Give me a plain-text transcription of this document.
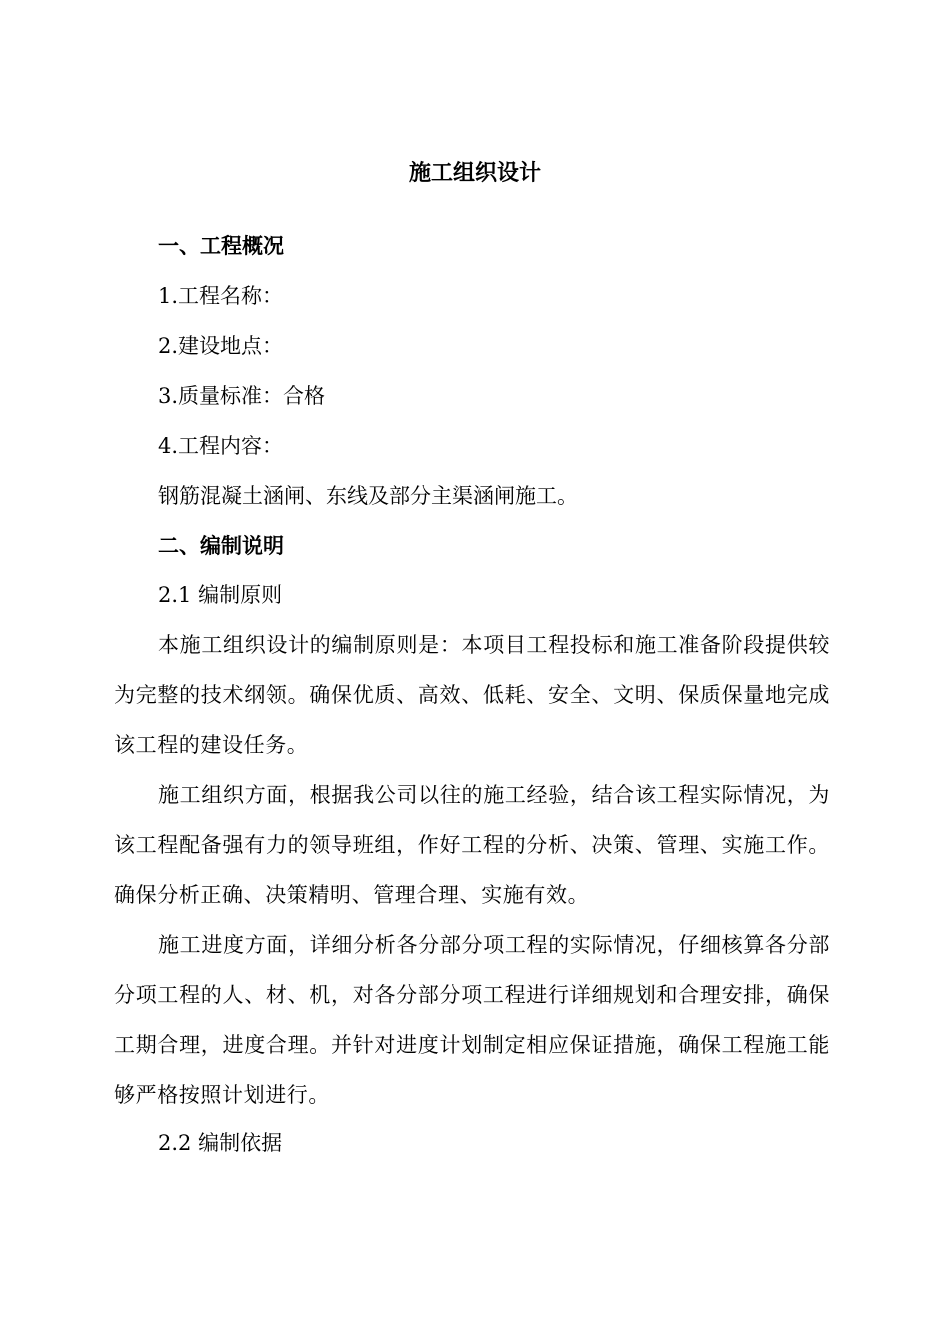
施工组织设计
一、工程概况
1.工程名称：
2.建设地点：
3.质量标准：合格
4.工程内容：
钢筋混凝土涵闸、东线及部分主渠涵闸施工。
二、编制说明
2.1 编制原则
本施工组织设计的编制原则是：本项目工程投标和施工准备阶段提供较为完整的技术纲领。确保优质、高效、低耗、安全、文明、保质保量地完成该工程的建设任务。
施工组织方面，根据我公司以往的施工经验，结合该工程实际情况，为该工程配备强有力的领导班组，作好工程的分析、决策、管理、实施工作。确保分析正确、决策精明、管理合理、实施有效。
施工进度方面，详细分析各分部分项工程的实际情况，仔细核算各分部分项工程的人、材、机，对各分部分项工程进行详细规划和合理安排，确保工期合理，进度合理。并针对进度计划制定相应保证措施，确保工程施工能够严格按照计划进行。
2.2 编制依据
